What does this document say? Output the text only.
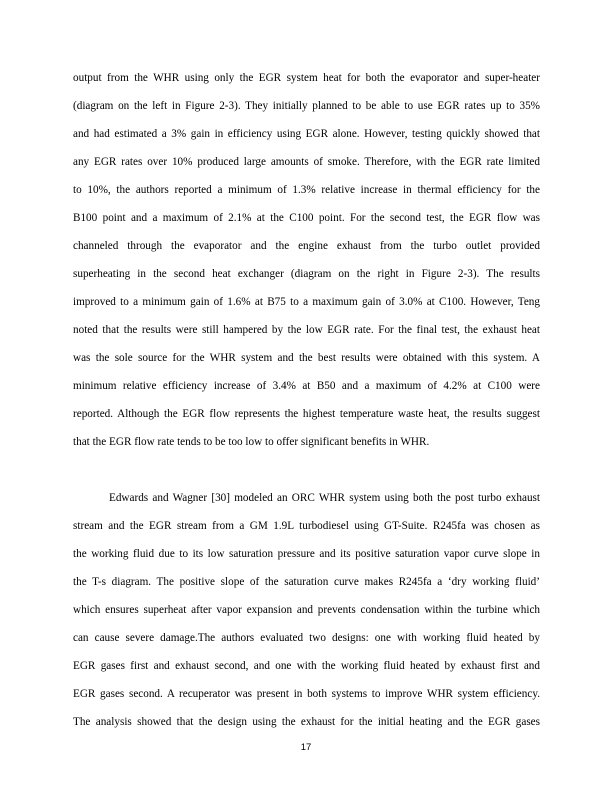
output from the WHR using only the EGR system heat for both the evaporator and super-heater
(diagram on the left in Figure 2-3). They initially planned to be able to use EGR rates up to 35%
and had estimated a 3% gain in efficiency using EGR alone. However, testing quickly showed that
any EGR rates over 10% produced large amounts of smoke. Therefore, with the EGR rate limited
to 10%, the authors reported a minimum of 1.3% relative increase in thermal efficiency for the
B100 point and a maximum of 2.1% at the C100 point. For the second test, the EGR flow was
channeled through the evaporator and the engine exhaust from the turbo outlet provided
superheating in the second heat exchanger (diagram on the right in Figure 2-3). The results
improved to a minimum gain of 1.6% at B75 to a maximum gain of 3.0% at C100. However, Teng
noted that the results were still hampered by the low EGR rate. For the final test, the exhaust heat
was the sole source for the WHR system and the best results were obtained with this system. A
minimum relative efficiency increase of 3.4% at B50 and a maximum of 4.2% at C100 were
reported. Although the EGR flow represents the highest temperature waste heat, the results suggest
that the EGR flow rate tends to be too low to offer significant benefits in WHR.
Edwards and Wagner [30] modeled an ORC WHR system using both the post turbo exhaust
stream and the EGR stream from a GM 1.9L turbodiesel using GT-Suite. R245fa was chosen as
the working fluid due to its low saturation pressure and its positive saturation vapor curve slope in
the T-s diagram. The positive slope of the saturation curve makes R245fa a ‘dry working fluid’
which ensures superheat after vapor expansion and prevents condensation within the turbine which
can cause severe damage.The authors evaluated two designs: one with working fluid heated by
EGR gases first and exhaust second, and one with the working fluid heated by exhaust first and
EGR gases second. A recuperator was present in both systems to improve WHR system efficiency.
The analysis showed that the design using the exhaust for the initial heating and the EGR gases
17
